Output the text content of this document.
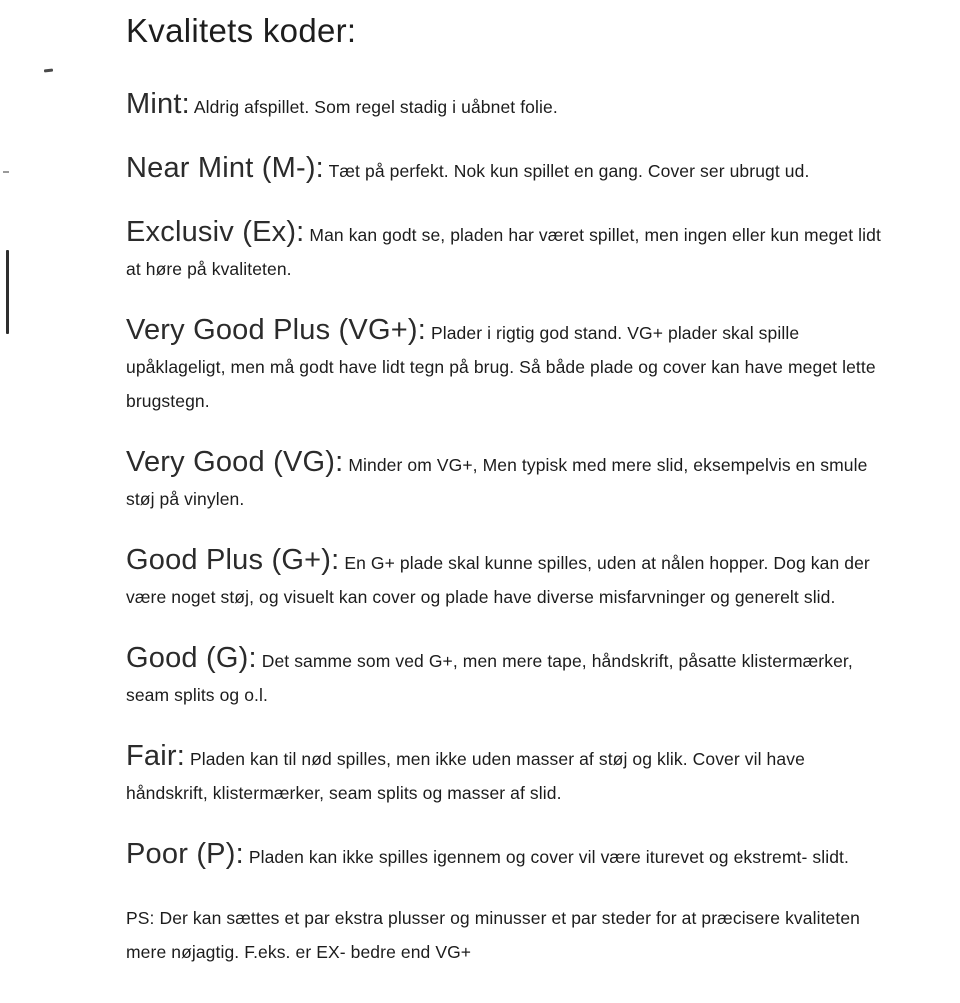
Kvalitets koder:

Mint: Aldrig afspillet. Som regel stadig i uåbnet folie.

Near Mint (M-): Tæt på perfekt. Nok kun spillet en gang. Cover ser ubrugt ud.

Exclusiv (Ex): Man kan godt se, pladen har været spillet, men ingen eller kun meget lidt at høre på kvaliteten.

Very Good Plus (VG+): Plader i rigtig god stand. VG+ plader skal spille upåklageligt, men må godt have lidt tegn på brug. Så både plade og cover kan have meget lette brugstegn.

Very Good (VG): Minder om VG+, Men typisk med mere slid, eksempelvis en smule støj på vinylen.

Good Plus (G+): En G+ plade skal kunne spilles, uden at nålen hopper. Dog kan der være noget støj, og visuelt kan cover og plade have diverse misfarvninger og generelt slid.

Good (G): Det samme som ved G+, men mere tape, håndskrift, påsatte klistermærker, seam splits og o.l.

Fair: Pladen kan til nød spilles, men ikke uden masser af støj og klik. Cover vil have håndskrift, klistermærker, seam splits og masser af slid.

Poor (P): Pladen kan ikke spilles igennem og cover vil være iturevet og ekstremt- slidt.

PS: Der kan sættes et par ekstra plusser og minusser et par steder for at præcisere kvaliteten mere nøjagtig. F.eks. er EX- bedre end VG+
